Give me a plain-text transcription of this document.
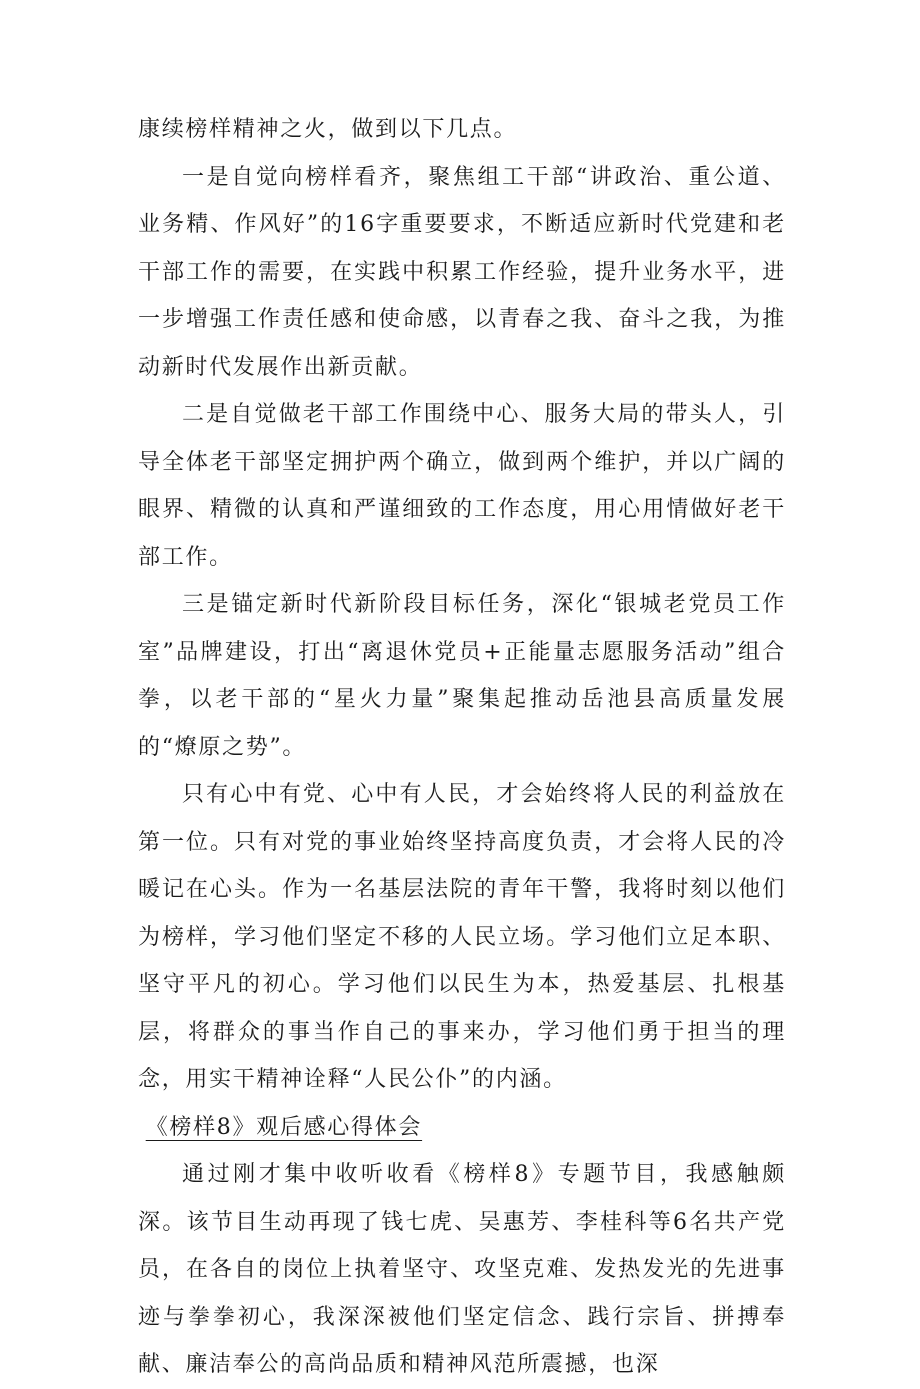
康续榜样精神之火，做到以下几点。

一是自觉向榜样看齐，聚焦组工干部“讲政治、重公道、业务精、作风好”的16字重要要求，不断适应新时代党建和老干部工作的需要，在实践中积累工作经验，提升业务水平，进一步增强工作责任感和使命感，以青春之我、奋斗之我，为推动新时代发展作出新贡献。

二是自觉做老干部工作围绕中心、服务大局的带头人，引导全体老干部坚定拥护两个确立，做到两个维护，并以广阔的眼界、精微的认真和严谨细致的工作态度，用心用情做好老干部工作。

三是锚定新时代新阶段目标任务，深化“银城老党员工作室”品牌建设，打出“离退休党员+正能量志愿服务活动”组合拳，以老干部的“星火力量”聚集起推动岳池县高质量发展的“燎原之势”。

只有心中有党、心中有人民，才会始终将人民的利益放在第一位。只有对党的事业始终坚持高度负责，才会将人民的冷暖记在心头。作为一名基层法院的青年干警，我将时刻以他们为榜样，学习他们坚定不移的人民立场。学习他们立足本职、坚守平凡的初心。学习他们以民生为本，热爱基层、扎根基层，将群众的事当作自己的事来办，学习他们勇于担当的理念，用实干精神诠释“人民公仆”的内涵。

《榜样8》观后感心得体会

通过刚才集中收听收看《榜样8》专题节目，我感触颇深。该节目生动再现了钱七虎、吴惠芳、李桂科等6名共产党员，在各自的岗位上执着坚守、攻坚克难、发热发光的先进事迹与拳拳初心，我深深被他们坚定信念、践行宗旨、拼搏奉献、廉洁奉公的高尚品质和精神风范所震撼，也深
